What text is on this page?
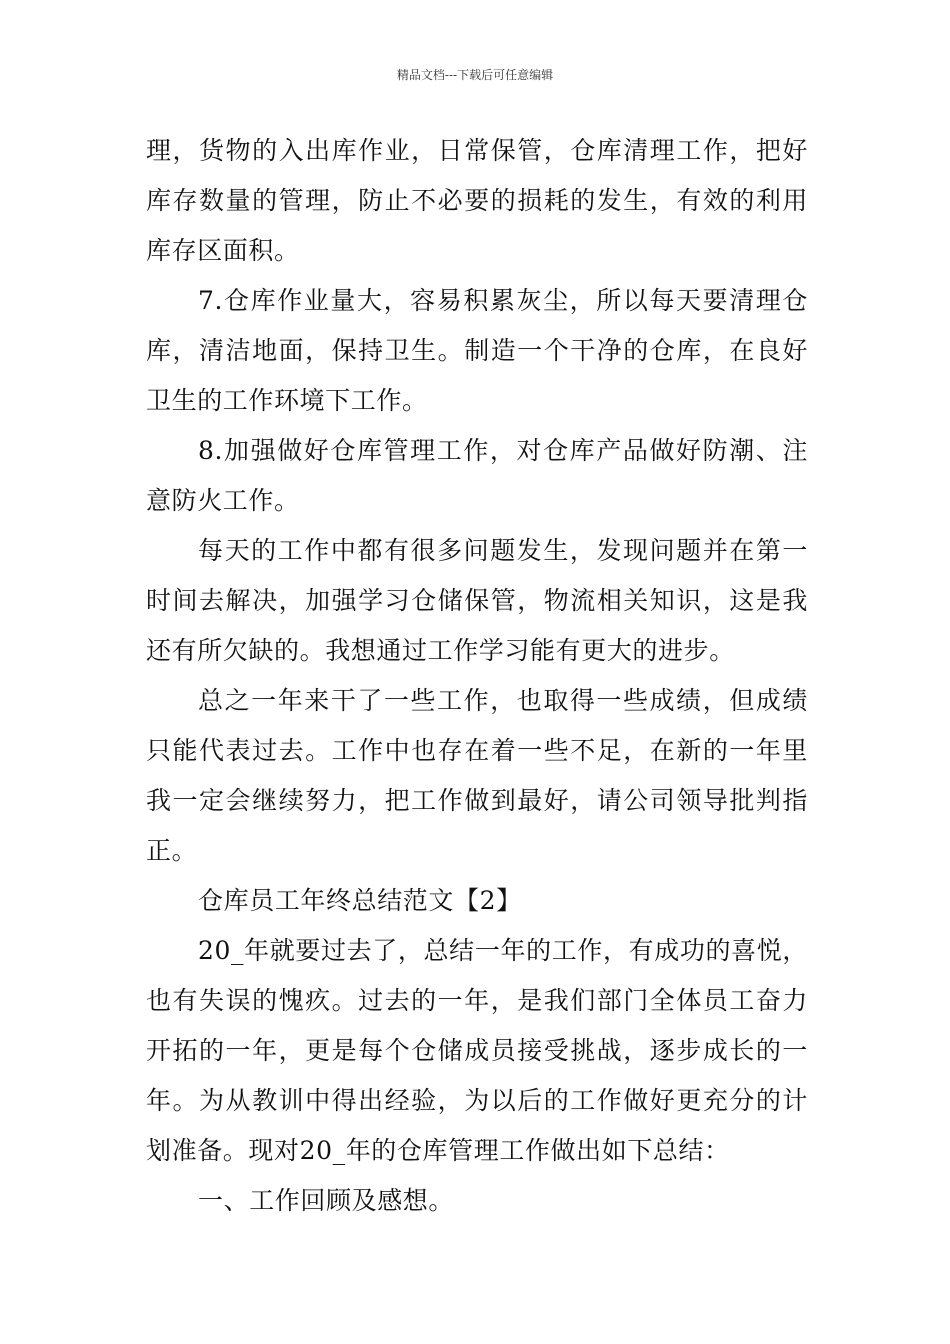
精品文档---下载后可任意编辑

理，货物的入出库作业，日常保管，仓库清理工作，把好库存数量的管理，防止不必要的损耗的发生，有效的利用库存区面积。

7.仓库作业量大，容易积累灰尘，所以每天要清理仓库，清洁地面，保持卫生。制造一个干净的仓库，在良好卫生的工作环境下工作。

8.加强做好仓库管理工作，对仓库产品做好防潮、注意防火工作。

每天的工作中都有很多问题发生，发现问题并在第一时间去解决，加强学习仓储保管，物流相关知识，这是我还有所欠缺的。我想通过工作学习能有更大的进步。

总之一年来干了一些工作，也取得一些成绩，但成绩只能代表过去。工作中也存在着一些不足，在新的一年里我一定会继续努力，把工作做到最好，请公司领导批判指正。

仓库员工年终总结范文【2】

20_年就要过去了，总结一年的工作，有成功的喜悦，也有失误的愧疚。过去的一年，是我们部门全体员工奋力开拓的一年，更是每个仓储成员接受挑战，逐步成长的一年。为从教训中得出经验，为以后的工作做好更充分的计划准备。现对20_年的仓库管理工作做出如下总结：

一、工作回顾及感想。
